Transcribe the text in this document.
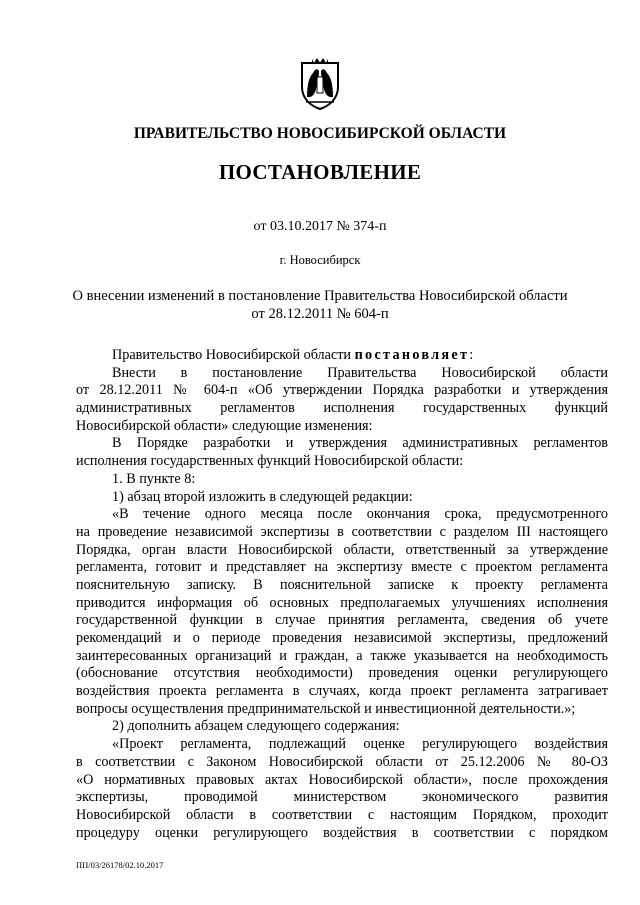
ПРАВИТЕЛЬСТВО НОВОСИБИРСКОЙ ОБЛАСТИ
ПОСТАНОВЛЕНИЕ
от 03.10.2017 № 374-п
г. Новосибирск
О внесении изменений в постановление Правительства Новосибирской области
от 28.12.2011 № 604-п
Правительство Новосибирской области постановляет:
Внести в постановление Правительства Новосибирской области
от 28.12.2011 № 604-п «Об утверждении Порядка разработки и утверждения
административных регламентов исполнения государственных функций
Новосибирской области» следующие изменения:
В Порядке разработки и утверждения административных регламентов
исполнения государственных функций Новосибирской области:
1. В пункте 8:
1) абзац второй изложить в следующей редакции:
«В течение одного месяца после окончания срока, предусмотренного
на проведение независимой экспертизы в соответствии с разделом III настоящего
Порядка, орган власти Новосибирской области, ответственный за утверждение
регламента, готовит и представляет на экспертизу вместе с проектом регламента
пояснительную записку. В пояснительной записке к проекту регламента
приводится информация об основных предполагаемых улучшениях исполнения
государственной функции в случае принятия регламента, сведения об учете
рекомендаций и о периоде проведения независимой экспертизы, предложений
заинтересованных организаций и граждан, а также указывается на необходимость
(обоснование отсутствия необходимости) проведения оценки регулирующего
воздействия проекта регламента в случаях, когда проект регламента затрагивает
вопросы осуществления предпринимательской и инвестиционной деятельности.»;
2) дополнить абзацем следующего содержания:
«Проект регламента, подлежащий оценке регулирующего воздействия
в соответствии с Законом Новосибирской области от 25.12.2006 № 80-ОЗ
«О нормативных правовых актах Новосибирской области», после прохождения
экспертизы, проводимой министерством экономического развития
Новосибирской области в соответствии с настоящим Порядком, проходит
процедуру оценки регулирующего воздействия в соответствии с порядком
ПП/03/26178/02.10.2017
